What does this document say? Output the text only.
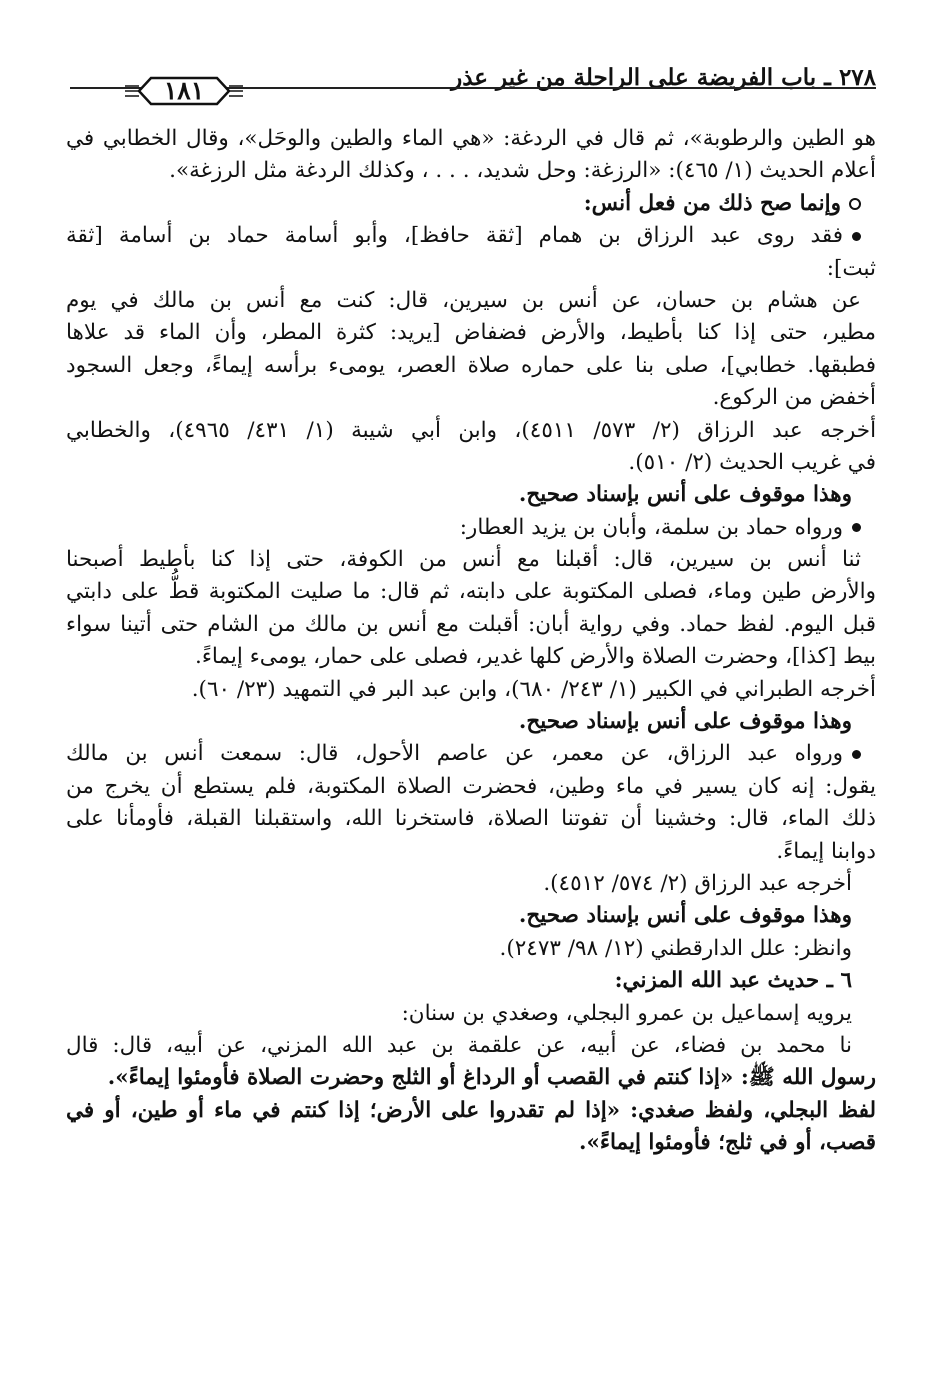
٢٧٨ ـ باب الفريضة على الراحلة من غير عذر
١٨١
هو الطين والرطوبة»، ثم قال في الردغة: «هي الماء والطين والوحَل»، وقال الخطابي في
أعلام الحديث (١/ ٤٦٥): «الرزغة: وحل شديد، . . . ، وكذلك الردغة مثل الرزغة».
وإنما صح ذلك من فعل أنس:
فقد روى عبد الرزاق بن همام [ثقة حافظ]، وأبو أسامة حماد بن أسامة [ثقة
ثبت]:
عن هشام بن حسان، عن أنس بن سيرين، قال: كنت مع أنس بن مالك في يوم
مطير، حتى إذا كنا بأطيط، والأرض فضفاض [يريد: كثرة المطر، وأن الماء قد علاها
فطبقها. خطابي]، صلى بنا على حماره صلاة العصر، يومىء برأسه إيماءً، وجعل السجود
أخفض من الركوع.
أخرجه عبد الرزاق (٢/ ٥٧٣/ ٤٥١١)، وابن أبي شيبة (١/ ٤٣١/ ٤٩٦٥)، والخطابي
في غريب الحديث (٢/ ٥١٠).
وهذا موقوف على أنس بإسناد صحيح.
ورواه حماد بن سلمة، وأبان بن يزيد العطار:
ثنا أنس بن سيرين، قال: أقبلنا مع أنس من الكوفة، حتى إذا كنا بأطيط أصبحنا
والأرض طين وماء، فصلى المكتوبة على دابته، ثم قال: ما صليت المكتوبة قطُّ على دابتي
قبل اليوم. لفظ حماد. وفي رواية أبان: أقبلت مع أنس بن مالك من الشام حتى أتينا سواء
بيط [كذا]، وحضرت الصلاة والأرض كلها غدير، فصلى على حمار، يومىء إيماءً.
أخرجه الطبراني في الكبير (١/ ٢٤٣/ ٦٨٠)، وابن عبد البر في التمهيد (٢٣/ ٦٠).
وهذا موقوف على أنس بإسناد صحيح.
ورواه عبد الرزاق، عن معمر، عن عاصم الأحول، قال: سمعت أنس بن مالك
يقول: إنه كان يسير في ماء وطين، فحضرت الصلاة المكتوبة، فلم يستطع أن يخرج من
ذلك الماء، قال: وخشينا أن تفوتنا الصلاة، فاستخرنا الله، واستقبلنا القبلة، فأومأنا على
دوابنا إيماءً.
أخرجه عبد الرزاق (٢/ ٥٧٤/ ٤٥١٢).
وهذا موقوف على أنس بإسناد صحيح.
وانظر: علل الدارقطني (١٢/ ٩٨/ ٢٤٧٣).
٦ ـ حديث عبد الله المزني:
يرويه إسماعيل بن عمرو البجلي، وصغدي بن سنان:
نا محمد بن فضاء، عن أبيه، عن علقمة بن عبد الله المزني، عن أبيه، قال: قال
رسول الله ﷺ: «إذا كنتم في القصب أو الرداغ أو الثلج وحضرت الصلاة فأومئوا إيماءً».
لفظ البجلي، ولفظ صغدي: «إذا لم تقدروا على الأرض؛ إذا كنتم في ماء أو طين، أو في
قصب، أو في ثلج؛ فأومئوا إيماءً».
